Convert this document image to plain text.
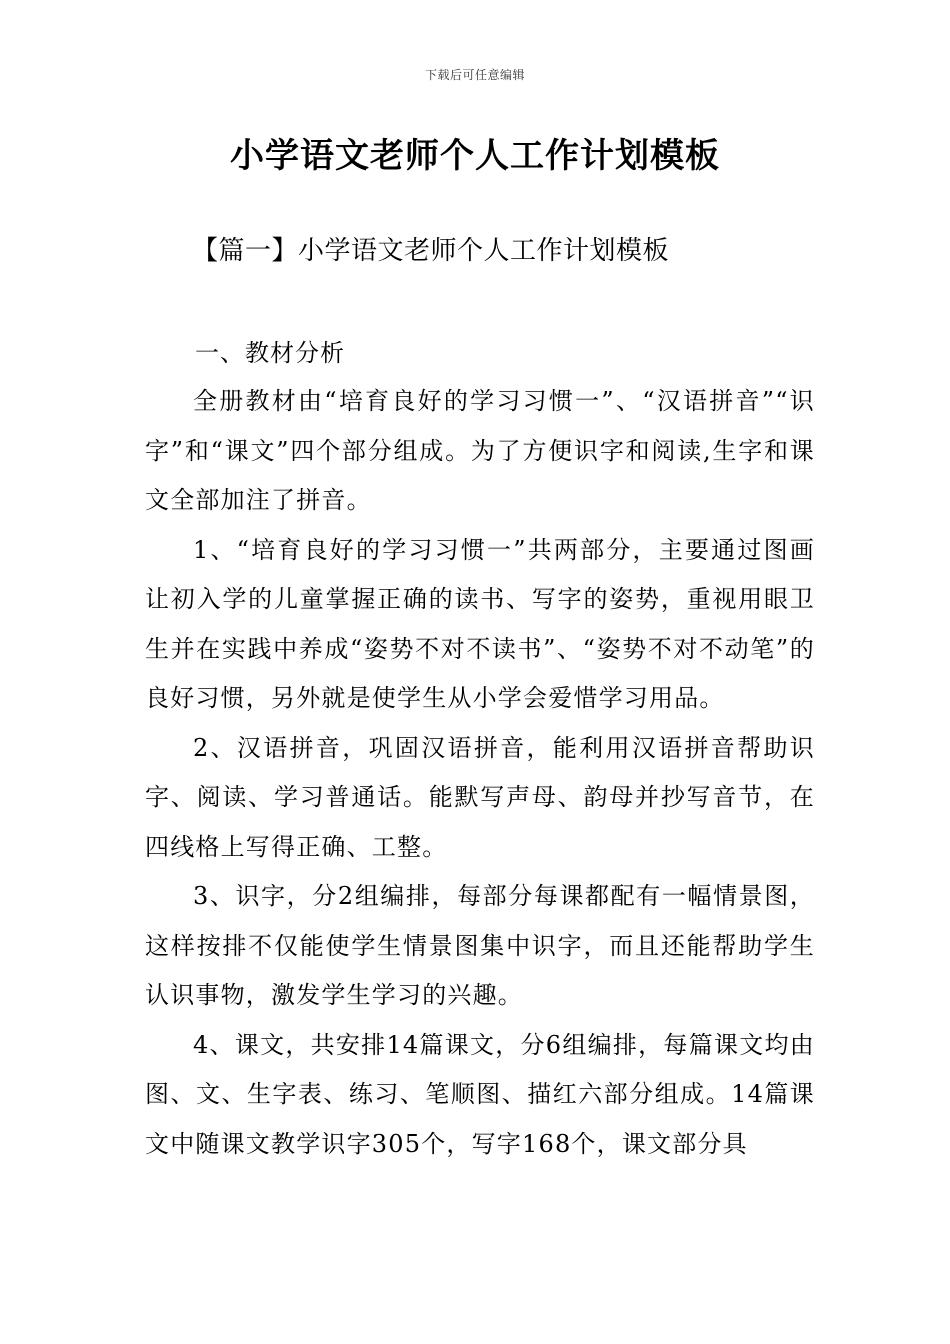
下载后可任意编辑
小学语文老师个人工作计划模板
【篇一】小学语文老师个人工作计划模板
一、教材分析

全册教材由“培育良好的学习习惯一”、“汉语拼音”“识字”和“课文”四个部分组成。为了方便识字和阅读,生字和课文全部加注了拼音。

1、“培育良好的学习习惯一”共两部分，主要通过图画让初入学的儿童掌握正确的读书、写字的姿势，重视用眼卫生并在实践中养成“姿势不对不读书”、“姿势不对不动笔”的良好习惯，另外就是使学生从小学会爱惜学习用品。

2、汉语拼音，巩固汉语拼音，能利用汉语拼音帮助识字、阅读、学习普通话。能默写声母、韵母并抄写音节，在四线格上写得正确、工整。

3、识字，分2组编排，每部分每课都配有一幅情景图，这样按排不仅能使学生情景图集中识字，而且还能帮助学生认识事物，激发学生学习的兴趣。

4、课文，共安排14篇课文，分6组编排，每篇课文均由图、文、生字表、练习、笔顺图、描红六部分组成。14篇课文中随课文教学识字305个，写字168个，课文部分具
